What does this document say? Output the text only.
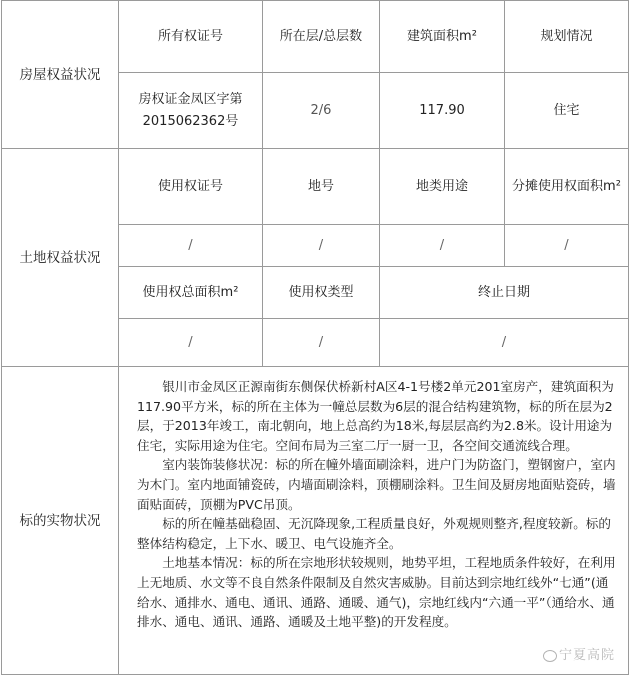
房屋权益状况	所有权证号	所在层/总层数	建筑面积m²	规划情况
	房权证金凤区字第2015062362号	2/6	117.90	住宅
土地权益状况	使用权证号	地号	地类用途	分摊使用权面积m²
	/	/	/	/
	使用权总面积m²	使用权类型	终止日期	
	/	/	/	
标的实物状况	银川市金凤区正源南街东侧保伏桥新村A区4-1号楼2单元201室房产，建筑面积为117.90平方米，标的所在主体为一幢总层数为6层的混合结构建筑物，标的所在层为2层，于2013年竣工，南北朝向，地上总高约为18米,每层层高约为2.8米。设计用途为住宅，实际用途为住宅。空间布局为三室二厅一厨一卫，各空间交通流线合理。

室内装饰装修状况：标的所在幢外墙面刷涂料，进户门为防盗门，塑钢窗户，室内为木门。室内地面铺瓷砖，内墙面刷涂料，顶棚刷涂料。卫生间及厨房地面贴瓷砖，墙面贴面砖，顶棚为PVC吊顶。

标的所在幢基础稳固、无沉降现象,工程质量良好，外观规则整齐,程度较新。标的整体结构稳定，上下水、暖卫、电气设施齐全。

土地基本情况：标的所在宗地形状较规则，地势平坦，工程地质条件较好，在利用上无地质、水文等不良自然条件限制及自然灾害威胁。目前达到宗地红线外“七通”(通给水、通排水、通电、通讯、通路、通暖、通气)，宗地红线内“六通一平”（通给水、通排水、通电、通讯、通路、通暖及土地平整)的开发程度。			

宁夏高院
